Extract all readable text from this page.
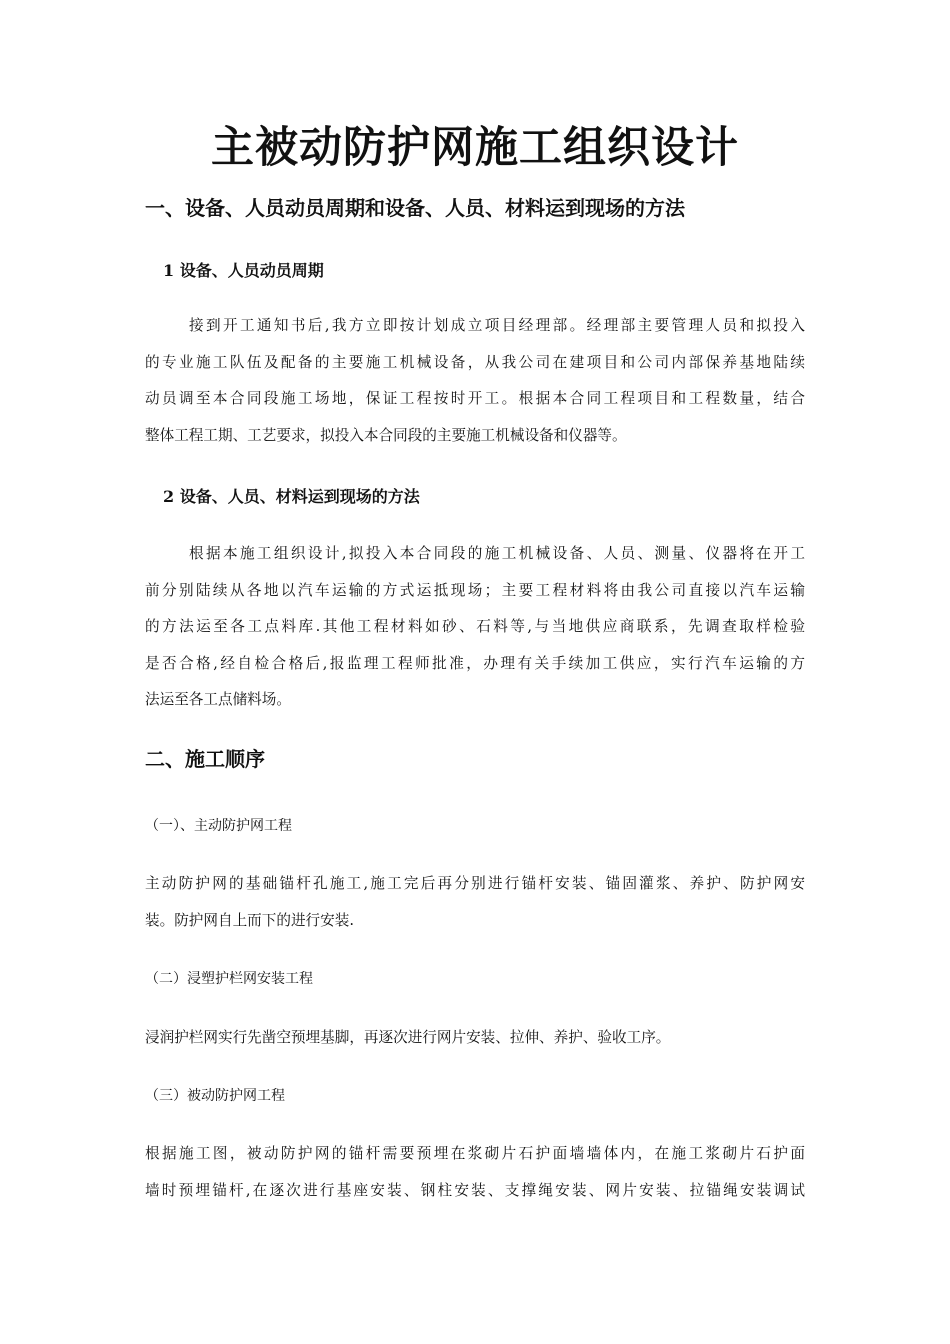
主被动防护网施工组织设计
一、设备、人员动员周期和设备、人员、材料运到现场的方法
1 设备、人员动员周期
接到开工通知书后,我方立即按计划成立项目经理部。经理部主要管理人员和拟投入
的专业施工队伍及配备的主要施工机械设备，从我公司在建项目和公司内部保养基地陆续
动员调至本合同段施工场地，保证工程按时开工。根据本合同工程项目和工程数量，结合
整体工程工期、工艺要求，拟投入本合同段的主要施工机械设备和仪器等。
2 设备、人员、材料运到现场的方法
根据本施工组织设计,拟投入本合同段的施工机械设备、人员、测量、仪器将在开工
前分别陆续从各地以汽车运输的方式运抵现场；主要工程材料将由我公司直接以汽车运输
的方法运至各工点料库.其他工程材料如砂、石料等,与当地供应商联系，先调查取样检验
是否合格,经自检合格后,报监理工程师批准，办理有关手续加工供应，实行汽车运输的方
法运至各工点储料场。
二、施工顺序
（一）、主动防护网工程
主动防护网的基础锚杆孔施工,施工完后再分别进行锚杆安装、锚固灌浆、养护、防护网安
装。防护网自上而下的进行安装.
（二）浸塑护栏网安装工程
浸润护栏网实行先凿空预埋基脚，再逐次进行网片安装、拉伸、养护、验收工序。
（三）被动防护网工程
根据施工图，被动防护网的锚杆需要预埋在浆砌片石护面墙墙体内，在施工浆砌片石护面
墙时预埋锚杆,在逐次进行基座安装、钢柱安装、支撑绳安装、网片安装、拉锚绳安装调试
